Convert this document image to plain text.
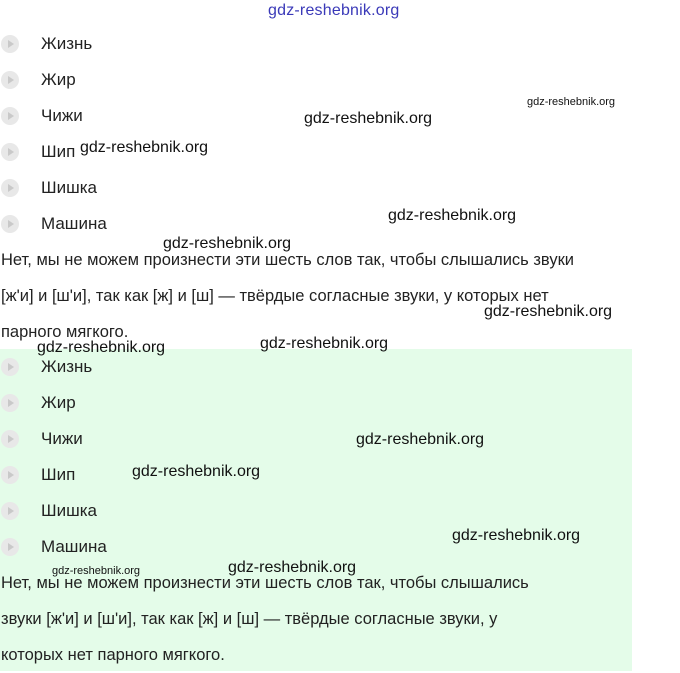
gdz-reshebnik.org
Жизнь
Жир
Чижи
Шип
Шишка
Машина

Нет, мы не можем произнести эти шесть слов так, чтобы слышались звуки
[ж'и] и [ш'и], так как [ж] и [ш] — твёрдые согласные звуки, у которых нет
парного мягкого.

Жизнь
Жир
Чижи
Шип
Шишка
Машина

Нет, мы не можем произнести эти шесть слов так, чтобы слышались
звуки [ж'и] и [ш'и], так как [ж] и [ш] — твёрдые согласные звуки, у
которых нет парного мягкого.

gdz-reshebnik.org
gdz-reshebnik.org
gdz-reshebnik.org
gdz-reshebnik.org
gdz-reshebnik.org
gdz-reshebnik.org
gdz-reshebnik.org	gdz-reshebnik.org
gdz-reshebnik.org
gdz-reshebnik.org
gdz-reshebnik.org
gdz-reshebnik.org
gdz-reshebnik.org
